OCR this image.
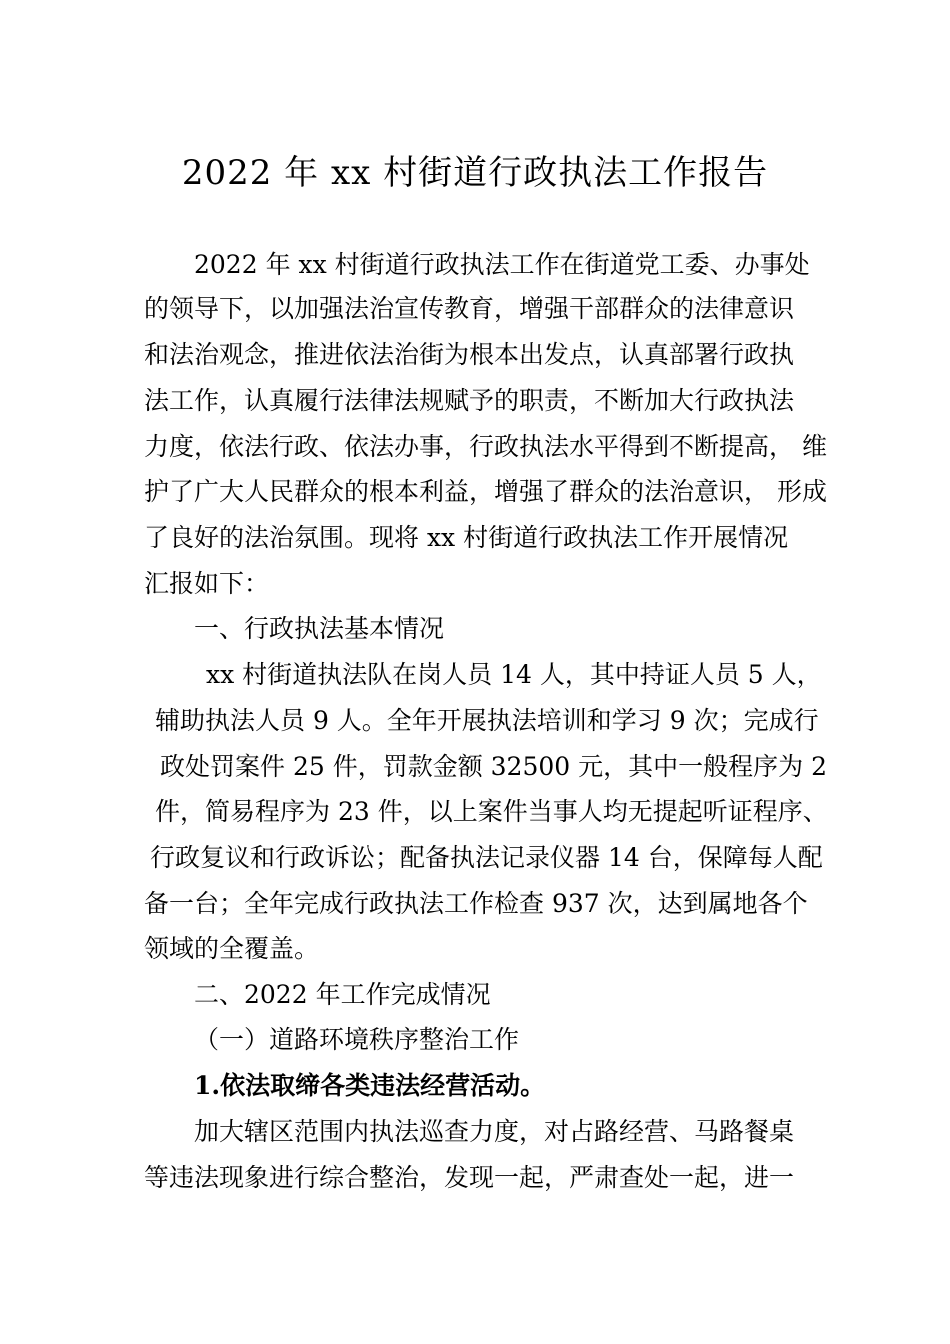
2022 年 xx 村街道行政执法工作报告
2022 年 xx 村街道行政执法工作在街道党工委、办事处
的领导下，以加强法治宣传教育，增强干部群众的法律意识
和法治观念，推进依法治街为根本出发点，认真部署行政执
法工作，认真履行法律法规赋予的职责，不断加大行政执法
力度，依法行政、依法办事，行政执法水平得到不断提高， 维
护了广大人民群众的根本利益，增强了群众的法治意识， 形成
了良好的法治氛围。现将 xx 村街道行政执法工作开展情况
汇报如下：
一、行政执法基本情况
xx 村街道执法队在岗人员 14 人，其中持证人员 5 人，
辅助执法人员 9 人。全年开展执法培训和学习 9 次；完成行
政处罚案件 25 件，罚款金额 32500 元，其中一般程序为 2
件，简易程序为 23 件，以上案件当事人均无提起听证程序、
行政复议和行政诉讼；配备执法记录仪器 14 台，保障每人配
备一台；全年完成行政执法工作检查 937 次，达到属地各个
领域的全覆盖。
二、2022 年工作完成情况
（一）道路环境秩序整治工作
1.依法取缔各类违法经营活动。
加大辖区范围内执法巡查力度，对占路经营、马路餐桌
等违法现象进行综合整治，发现一起，严肃查处一起，进一
